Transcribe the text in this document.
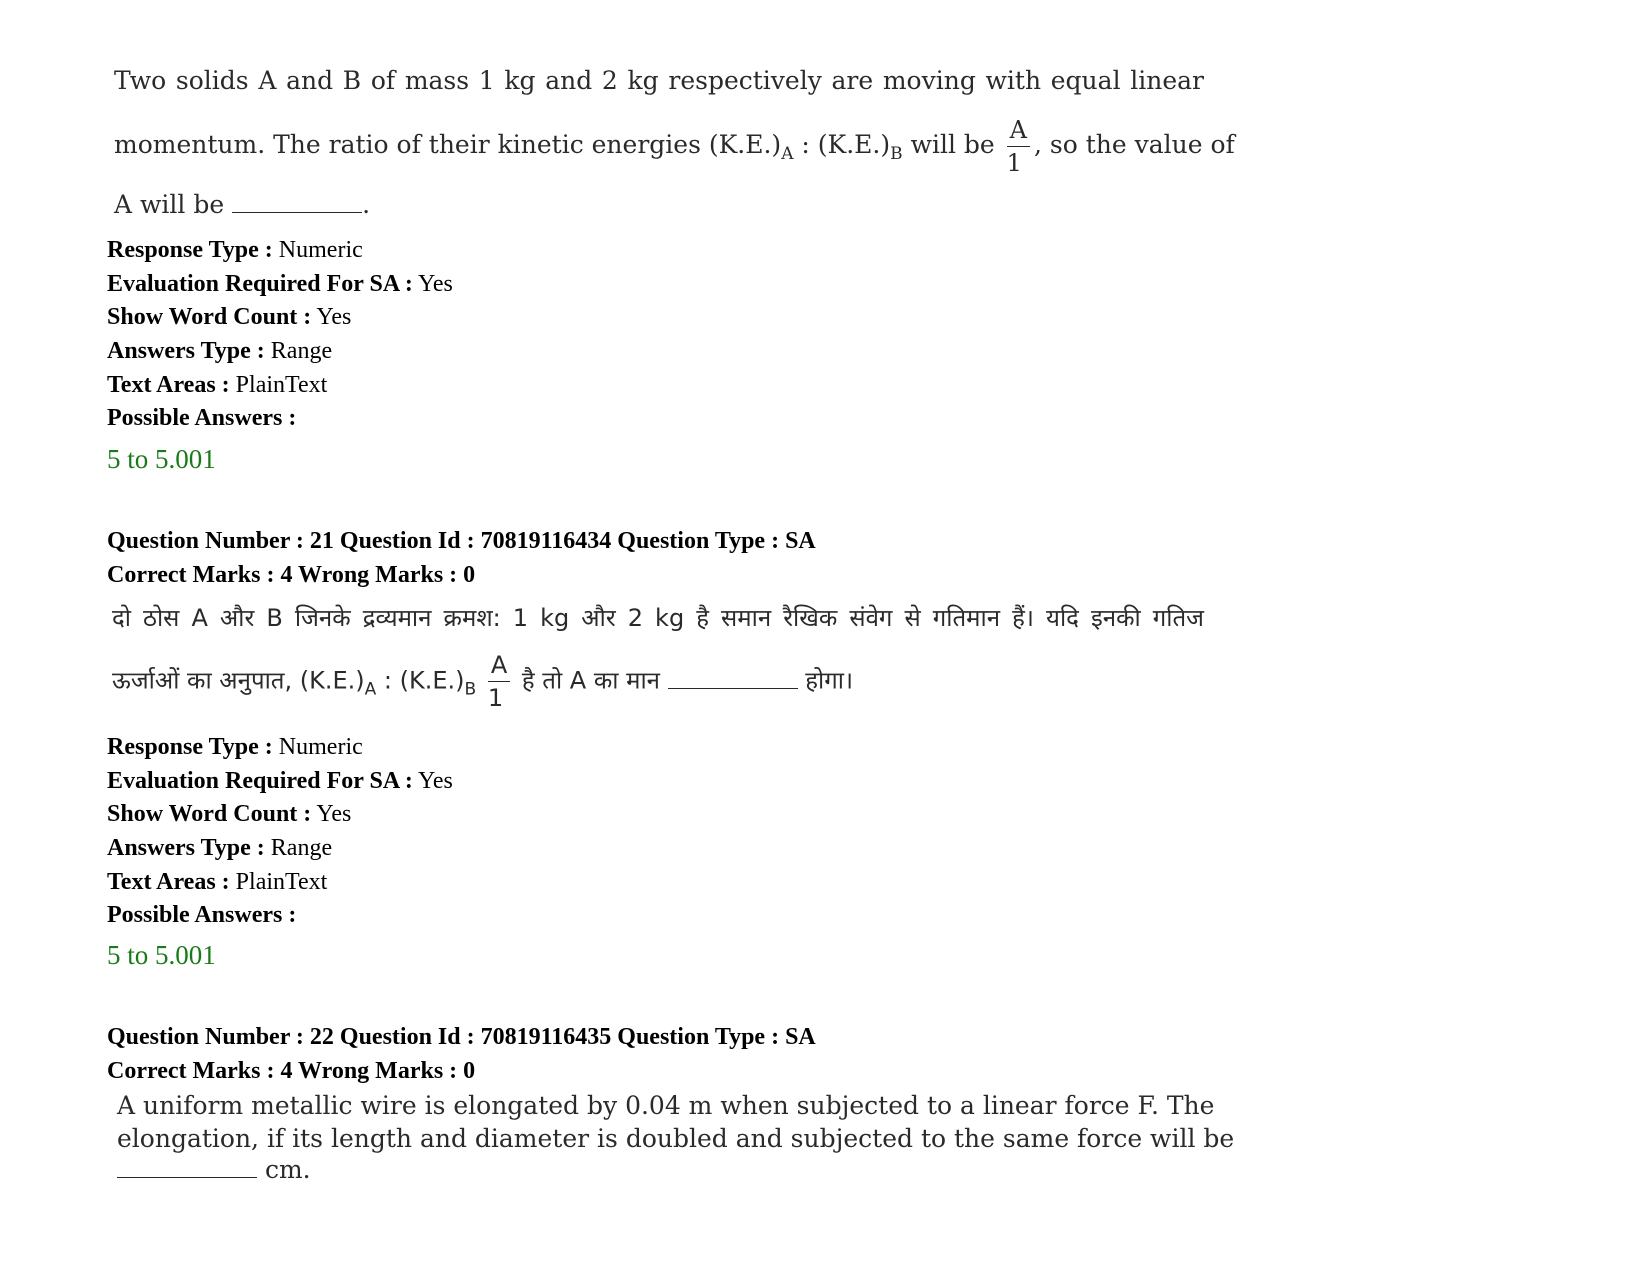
Two solids A and B of mass 1 kg and 2 kg respectively are moving with equal linear
momentum. The ratio of their kinetic energies $(K.E.)_A$ : $(K.E.)_B$ will be $\frac{A}{1}$ , so the value of
A will be	.
Response Type : Numeric
Evaluation Required For SA : Yes
Show Word Count : Yes
Answers Type : Range
Text Areas : PlainText
Possible Answers :
5 to 5.001
Question Number : 21 Question Id : 70819116434 Question Type : SA
Correct Marks : 4 Wrong Marks : 0
दो ठोस A और B जिनके द्रव्यमान क्रमश: 1 kg और 2 kg है समान रैखिक संवेग से गतिमान हैं। यदि इनकी गतिज
ऊर्जाओं का अनुपात, $(K.E.)_A$ : $(K.E.)_B \frac{A}{1}$ है तो A का मान	होगा।
Response Type : Numeric
Evaluation Required For SA : Yes
Show Word Count : Yes
Answers Type : Range
Text Areas : PlainText
Possible Answers :
5 to 5.001
Question Number : 22 Question Id : 70819116435 Question Type : SA
Correct Marks : 4 Wrong Marks : 0
A uniform metallic wire is elongated by 0.04 m when subjected to a linear force F. The
elongation, if its length and diameter is doubled and subjected to the same force will be
cm.
